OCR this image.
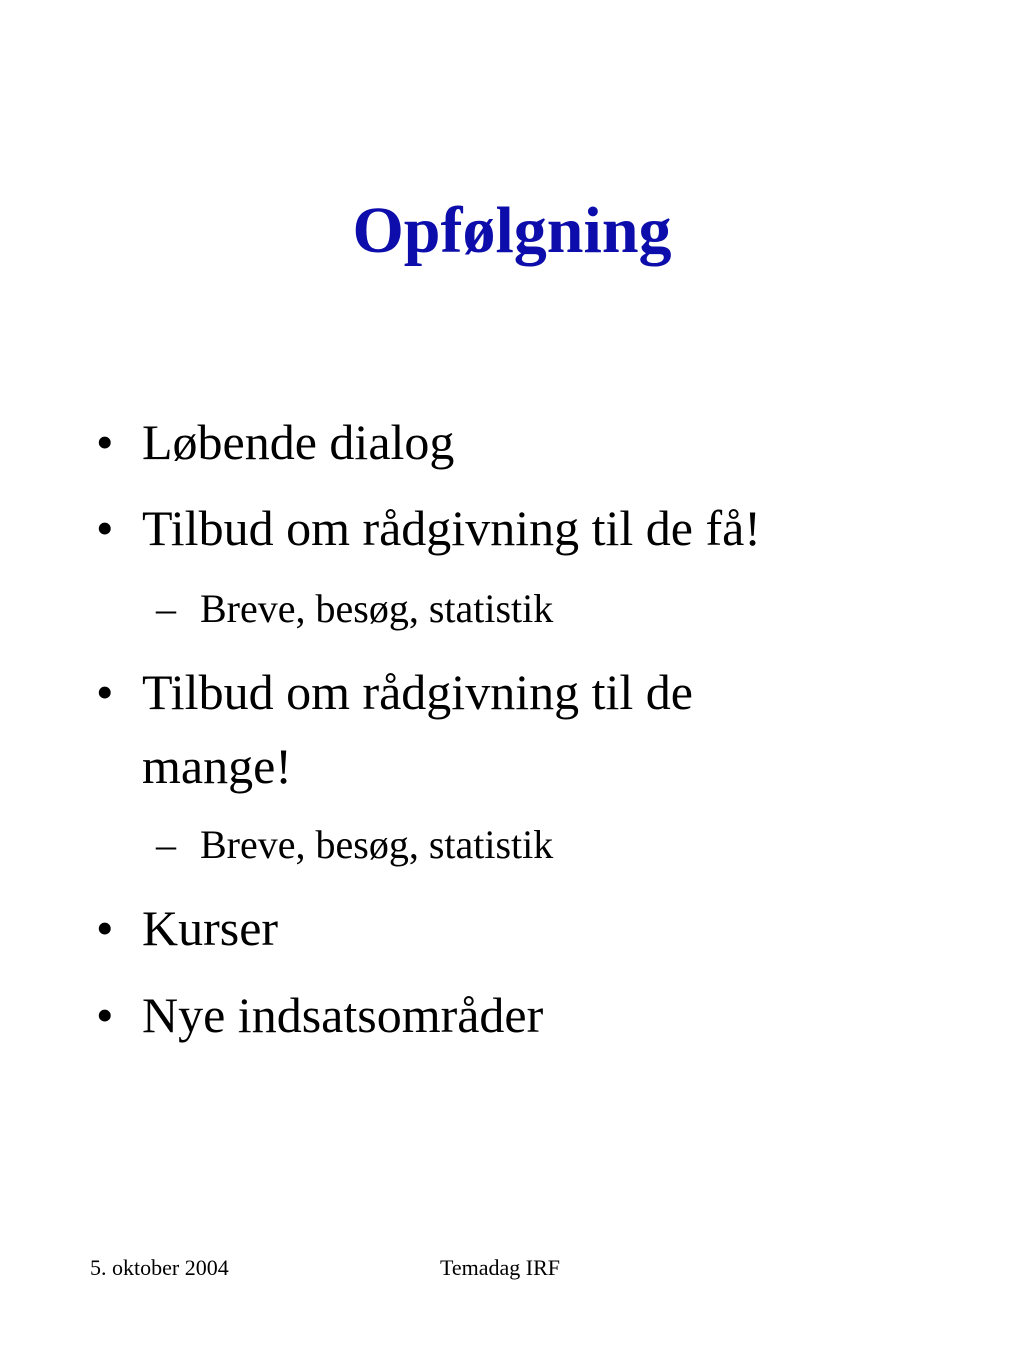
Opfølgning
• Løbende dialog
• Tilbud om rådgivning til de få!
– Breve, besøg, statistik
• Tilbud om rådgivning til de
mange!
– Breve, besøg, statistik
• Kurser
• Nye indsatsområder
5. oktober 2004	Temadag IRF
